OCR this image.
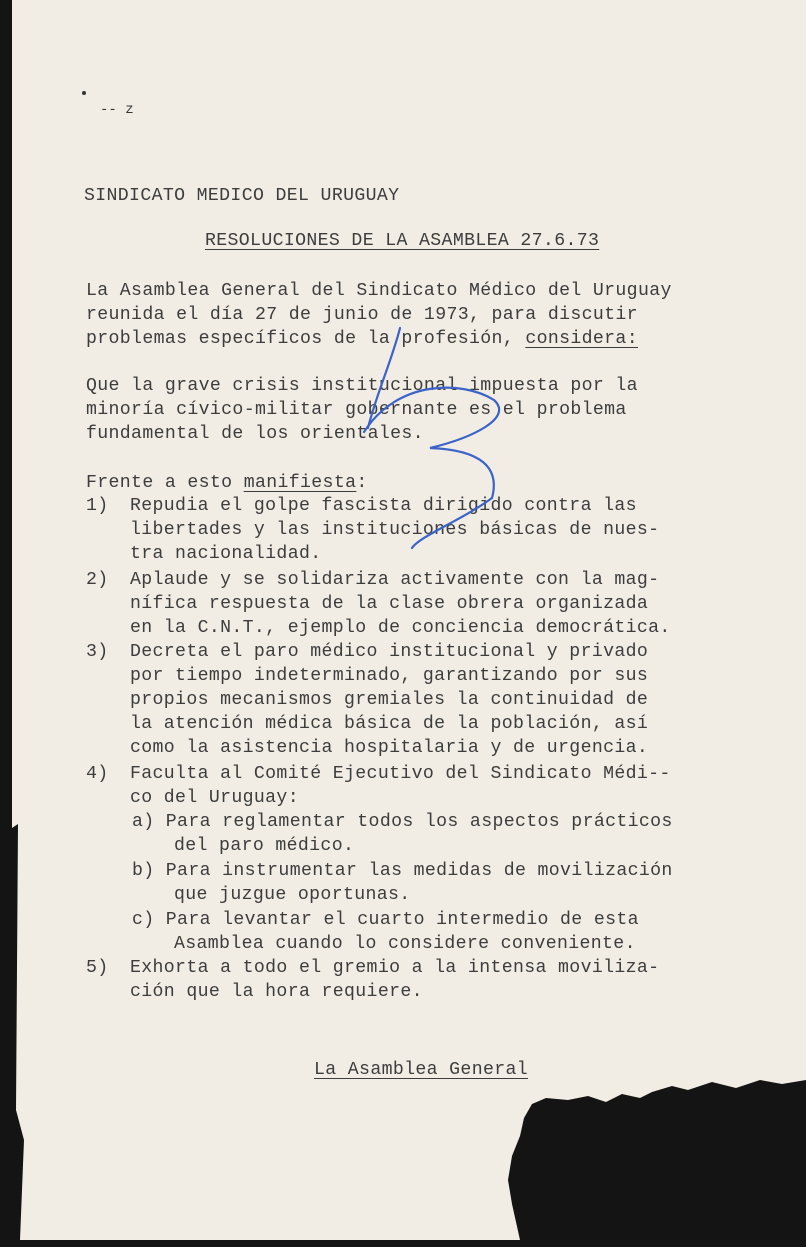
-- z

SINDICATO MEDICO DEL URUGUAY

RESOLUCIONES DE LA ASAMBLEA 27.6.73

La Asamblea General del Sindicato Médico del Uruguay

reunida el día 27 de junio de 1973, para discutir

problemas específicos de la profesión, considera:

Que la grave crisis institucional impuesta por la

minoría cívico-militar gobernante es el problema

fundamental de los orientales.

Frente a esto manifiesta:

1) Repudia el golpe fascista dirigido contra las

libertades y las instituciones básicas de nues-

tra nacionalidad.

2) Aplaude y se solidariza activamente con la mag-

nífica respuesta de la clase obrera organizada

en la C.N.T., ejemplo de conciencia democrática.

3) Decreta el paro médico institucional y privado

por tiempo indeterminado, garantizando por sus

propios mecanismos gremiales la continuidad de

la atención médica básica de la población, así

como la asistencia hospitalaria y de urgencia.

4) Faculta al Comité Ejecutivo del Sindicato Médi--

co del Uruguay:

a) Para reglamentar todos los aspectos prácticos

del paro médico.

b) Para instrumentar las medidas de movilización

que juzgue oportunas.

c) Para levantar el cuarto intermedio de esta

Asamblea cuando lo considere conveniente.

5) Exhorta a todo el gremio a la intensa moviliza-

ción que la hora requiere.

La Asamblea General
